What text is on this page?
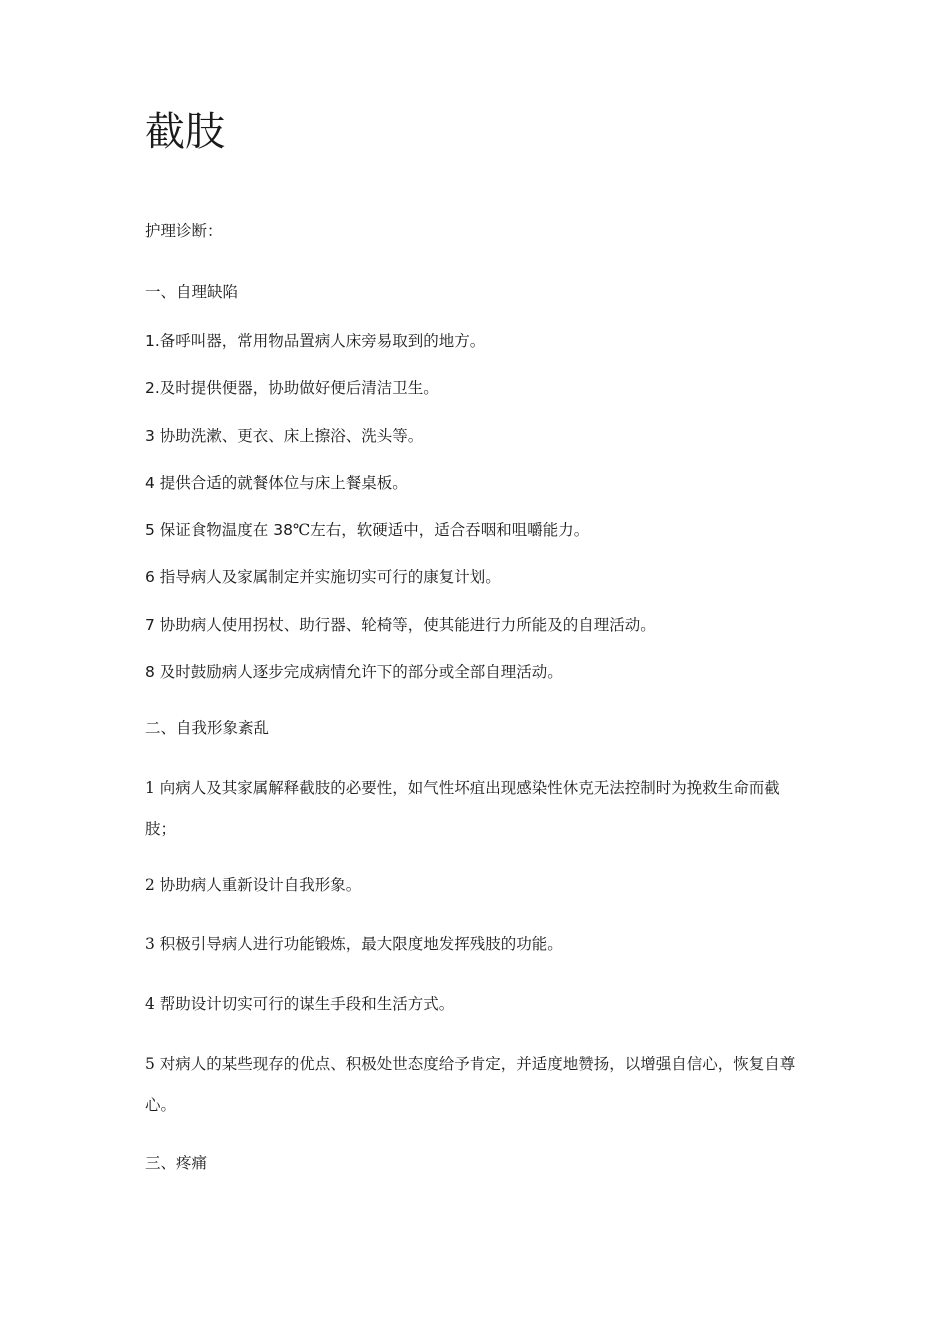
截肢

护理诊断：

一、自理缺陷

1.备呼叫器，常用物品置病人床旁易取到的地方。

2.及时提供便器，协助做好便后清洁卫生。

3 协助洗漱、更衣、床上擦浴、洗头等。

4 提供合适的就餐体位与床上餐桌板。

5 保证食物温度在 38℃左右，软硬适中，适合吞咽和咀嚼能力。

6 指导病人及家属制定并实施切实可行的康复计划。

7 协助病人使用拐杖、助行器、轮椅等，使其能进行力所能及的自理活动。

8 及时鼓励病人逐步完成病情允许下的部分或全部自理活动。

二、自我形象紊乱

1 向病人及其家属解释截肢的必要性，如气性坏疽出现感染性休克无法控制时为挽救生命而截肢；

2 协助病人重新设计自我形象。

3 积极引导病人进行功能锻炼，最大限度地发挥残肢的功能。

4 帮助设计切实可行的谋生手段和生活方式。

5 对病人的某些现存的优点、积极处世态度给予肯定，并适度地赞扬，以增强自信心，恢复自尊心。

三、疼痛
